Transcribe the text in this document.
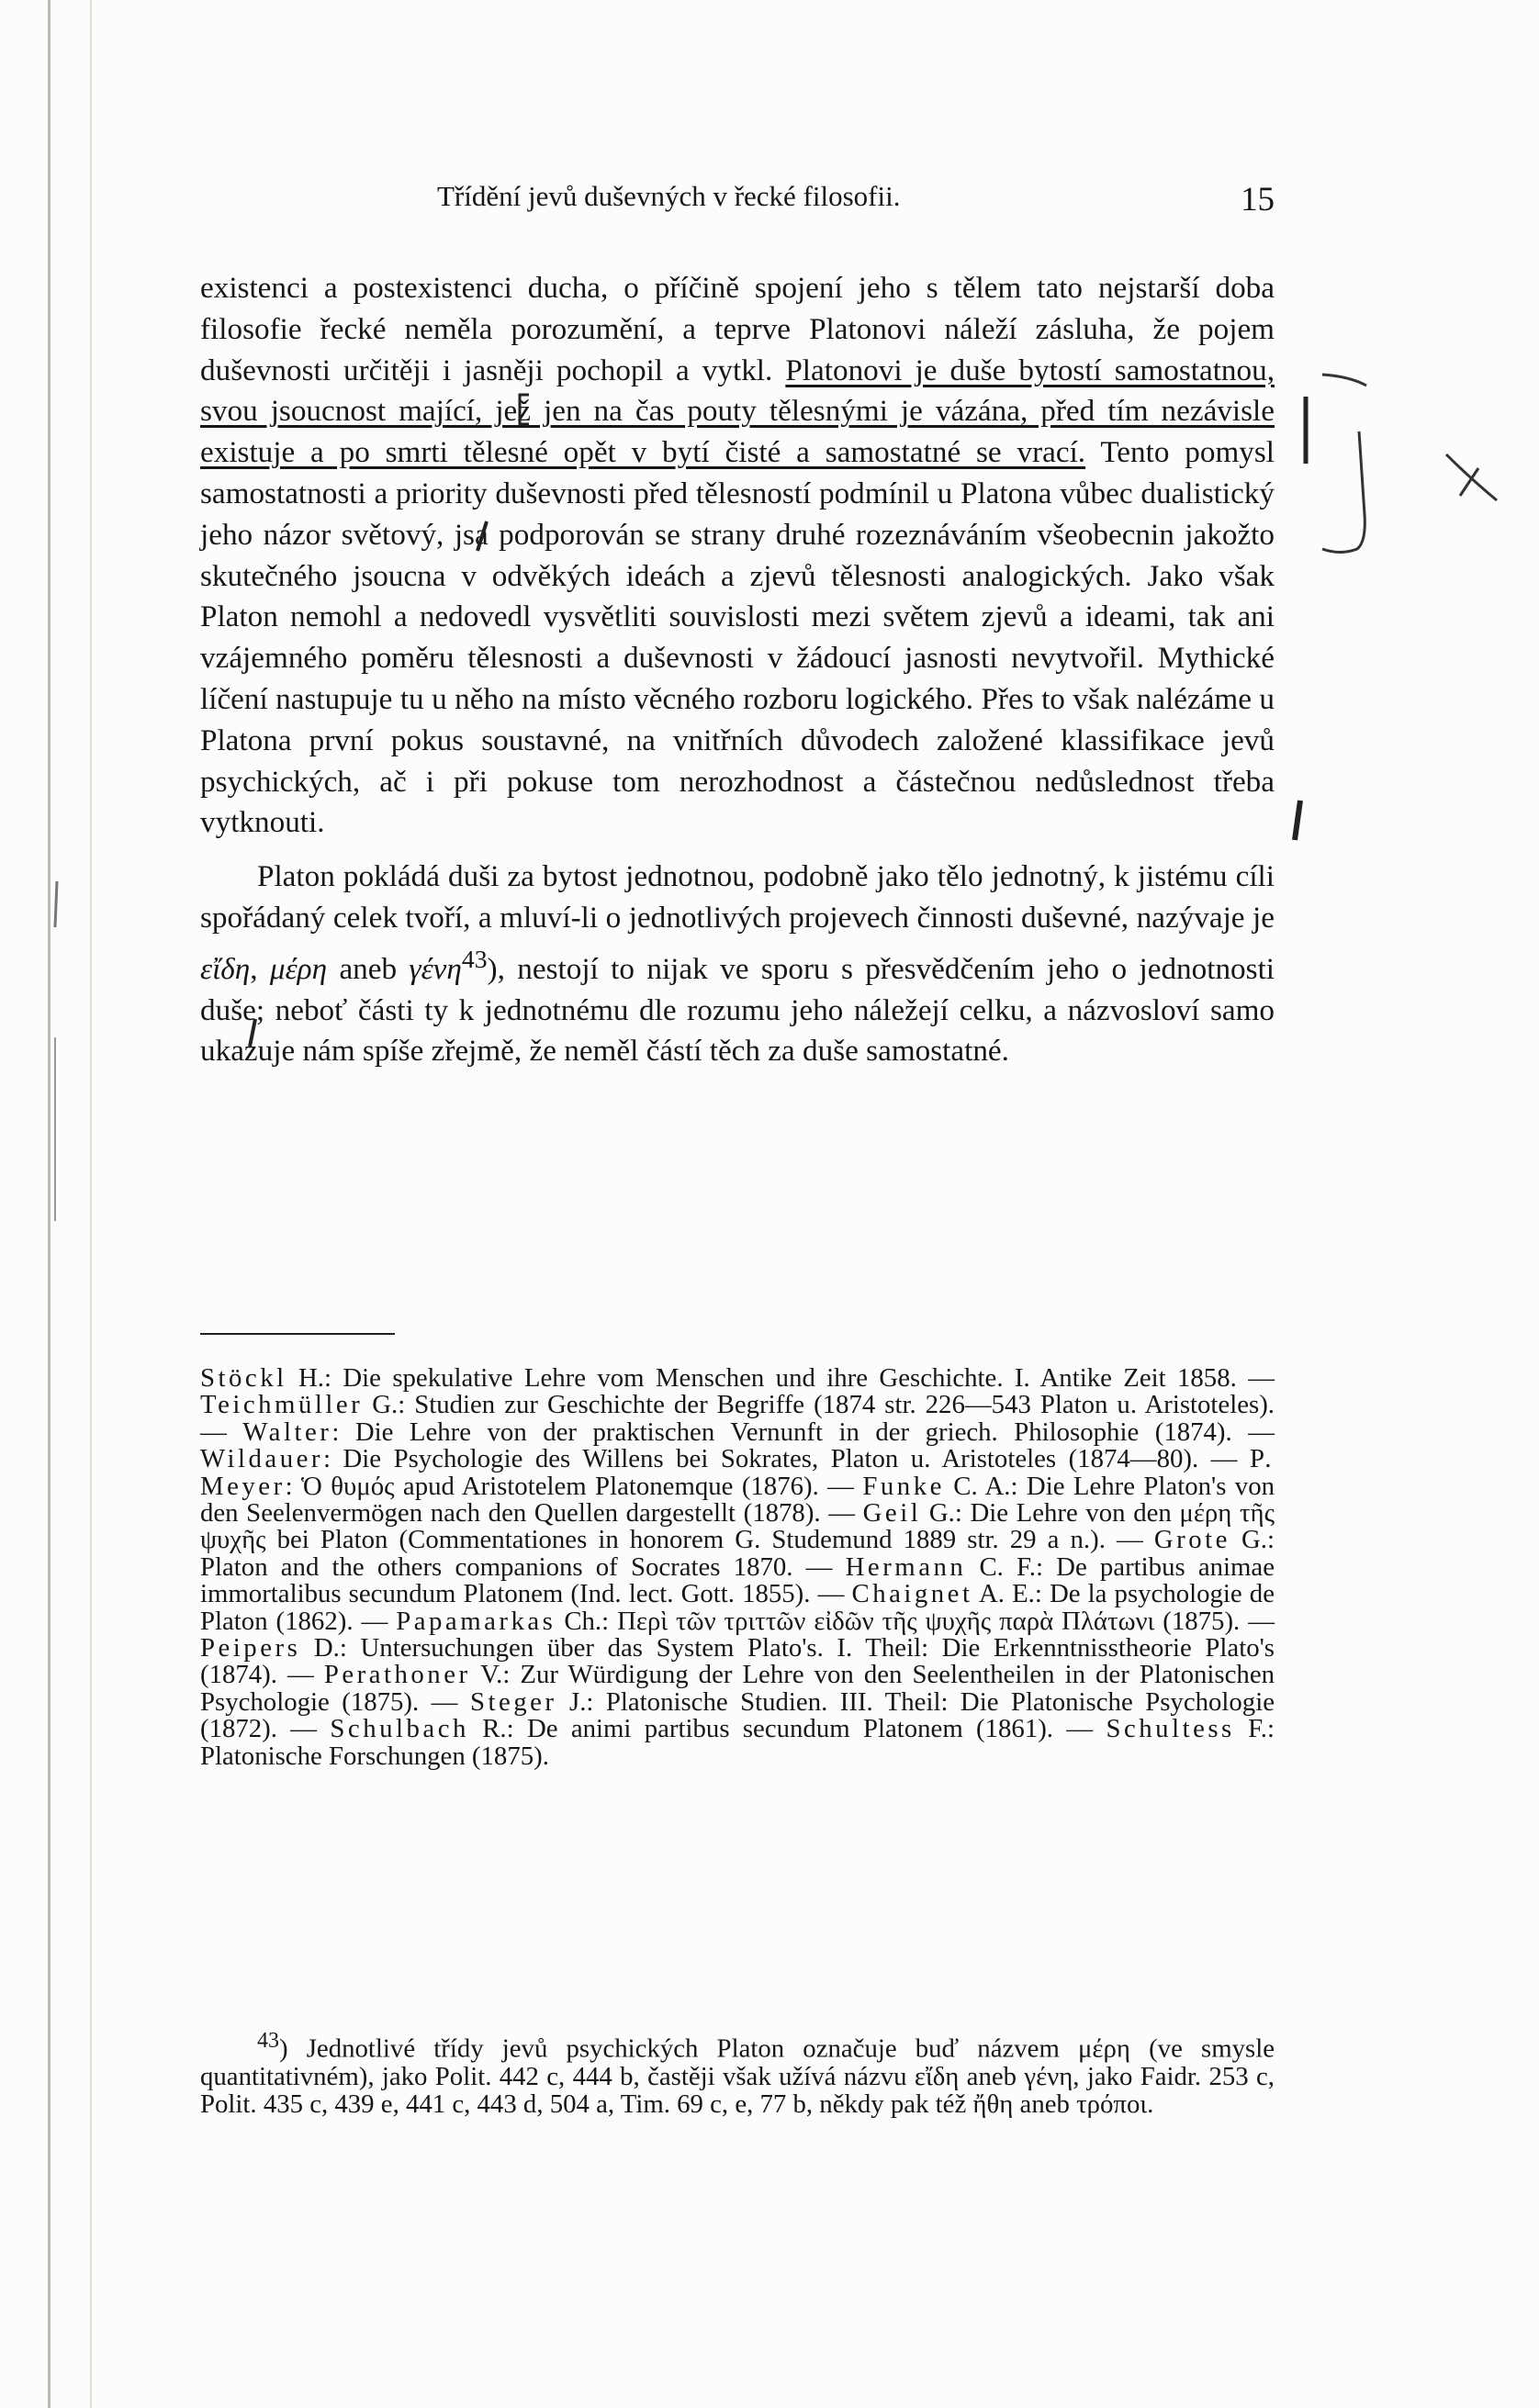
Třídění jevů duševných v řecké filosofii.	15

existenci a postexistenci ducha, o příčině spojení jeho s tělem tato nejstarší doba filosofie řecké neměla porozumění, a teprve Platonovi náleží zásluha, že pojem duševnosti určitěji i jasněji pochopil a vytkl. Platonovi je duše bytostí samostatnou, svou jsoucnost mající, jež jen na čas pouty tělesnými je vázána, před tím nezávisle existuje a po smrti tělesné opět v bytí čisté a samostatné se vrací. Tento pomysl samostatnosti a priority duševnosti před tělesností podmínil u Platona vůbec dualistický jeho názor světový, jsa podporován se strany druhé rozeznáváním všeobecnin jakožto skutečného jsoucna v odvěkých ideách a zjevů tělesnosti analogických. Jako však Platon nemohl a nedovedl vysvětliti souvislosti mezi světem zjevů a ideami, tak ani vzájemného poměru tělesnosti a duševnosti v žádoucí jasnosti nevytvořil. Mythické líčení nastupuje tu u něho na místo věcného rozboru logického. Přes to však nalézáme u Platona první pokus soustavné, na vnitřních důvodech založené klassifikace jevů psychických, ač i při pokuse tom nerozhodnost a částečnou nedůslednost třeba vytknouti.

Platon pokládá duši za bytost jednotnou, podobně jako tělo jednotný, k jistému cíli spořádaný celek tvoří, a mluví-li o jednotlivých projevech činnosti duševné, nazývaje je εἴδη, μέρη aneb γένη$^{43}$), nestojí to nijak ve sporu s přesvědčením jeho o jednotnosti duše; neboť části ty k jednotnému dle rozumu jeho náležejí celku, a názvosloví samo ukazuje nám spíše zřejmě, že neměl částí těch za duše samostatné.

Stöckl H.: Die spekulative Lehre vom Menschen und ihre Geschichte. I. Antike Zeit 1858. — Teichmüller G.: Studien zur Geschichte der Begriffe (1874 str. 226—543 Platon u. Aristoteles). — Walter: Die Lehre von der praktischen Vernunft in der griech. Philosophie (1874). — Wildauer: Die Psychologie des Willens bei Sokrates, Platon u. Aristoteles (1874—80). — P. Meyer: Ὁ θυμός apud Aristotelem Platonemque (1876). — Funke C. A.: Die Lehre Platon's von den Seelenvermögen nach den Quellen dargestellt (1878). — Geil G.: Die Lehre von den μέρη τῆς ψυχῆς bei Platon (Commentationes in honorem G. Studemund 1889 str. 29 a n.). — Grote G.: Platon and the others companions of Socrates 1870. — Hermann C. F.: De partibus animae immortalibus secundum Platonem (Ind. lect. Gott. 1855). — Chaignet A. E.: De la psychologie de Platon (1862). — Papamarkas Ch.: Περὶ τῶν τριττῶν εἰδῶν τῆς ψυχῆς παρὰ Πλάτωνι (1875). — Peipers D.: Untersuchungen über das System Plato's. I. Theil: Die Erkenntnisstheorie Plato's (1874). — Perathoner V.: Zur Würdigung der Lehre von den Seelentheilen in der Platonischen Psychologie (1875). — Steger J.: Platonische Studien. III. Theil: Die Platonische Psychologie (1872). — Schulbach R.: De animi partibus secundum Platonem (1861). — Schultess F.: Platonische Forschungen (1875).

$^{43}$) Jednotlivé třídy jevů psychických Platon označuje buď názvem μέρη (ve smysle quantitativném), jako Polit. 442 c, 444 b, častěji však užívá názvu εἴδη aneb γένη, jako Faidr. 253 c, Polit. 435 c, 439 e, 441 c, 443 d, 504 a, Tim. 69 c, e, 77 b, někdy pak též ἤθη aneb τρόποι.
